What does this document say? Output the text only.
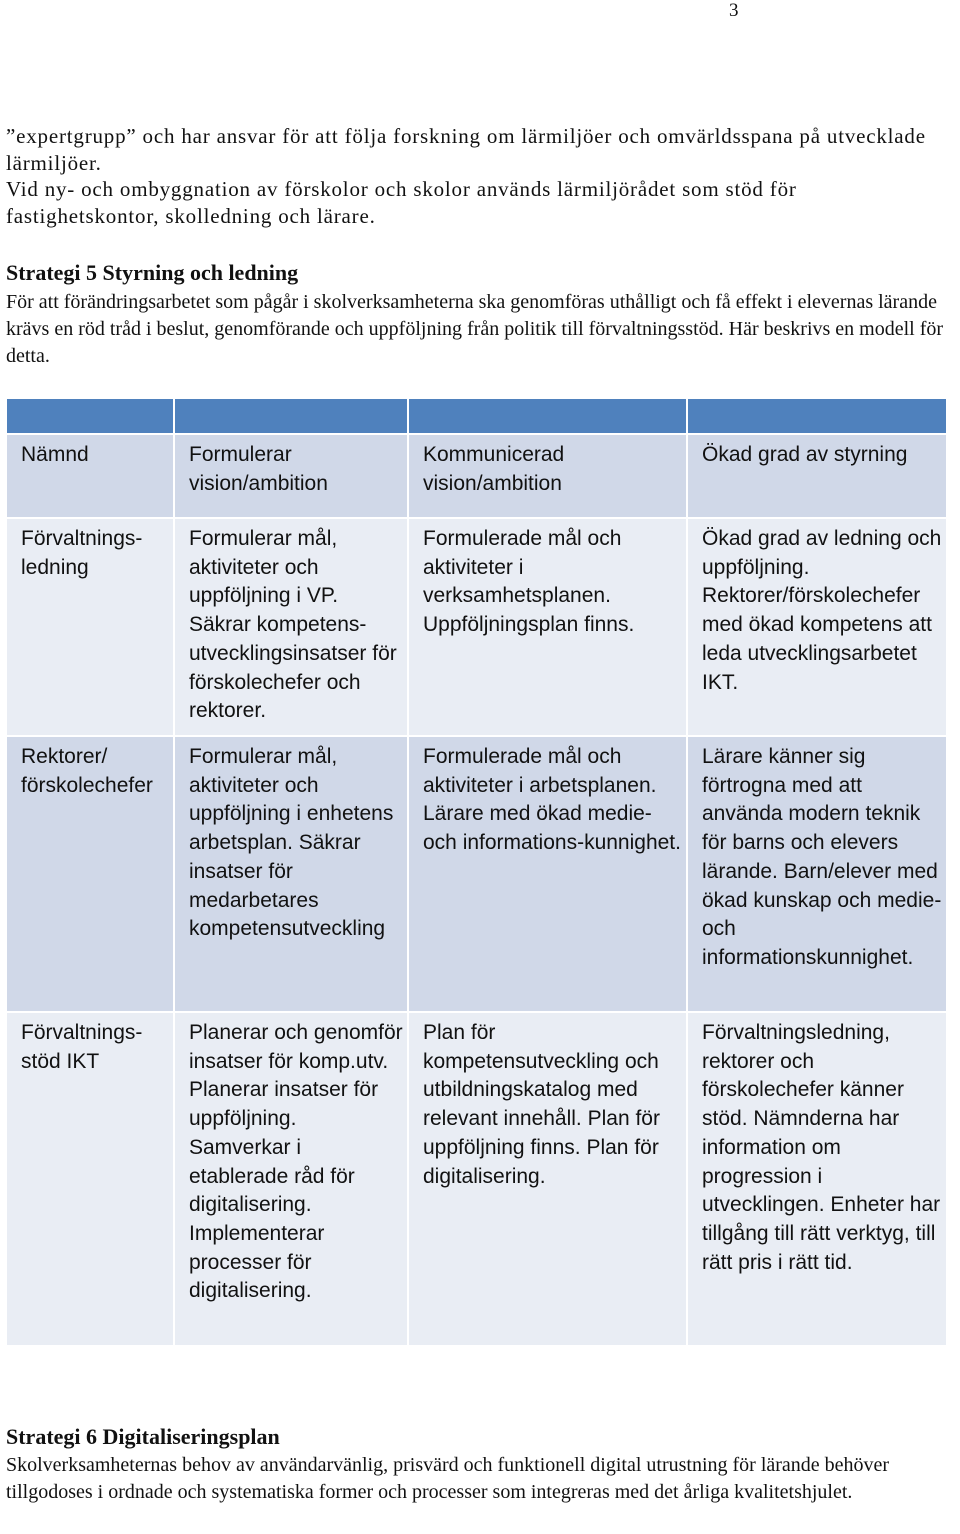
3

”expertgrupp” och har ansvar för att följa forskning om lärmiljöer och omvärldsspana på utvecklade lärmiljöer.

Vid ny- och ombyggnation av förskolor och skolor används lärmiljörådet som stöd för fastighetskontor, skolledning och lärare.

Strategi 5 Styrning och ledning
För att förändringsarbetet som pågår i skolverksamheterna ska genomföras uthålligt och få effekt i elevernas lärande krävs en röd tråd i beslut, genomförande och uppföljning från politik till förvaltningsstöd. Här beskrivs en modell för detta.

Nämnd	Formulerar vision/ambition	Kommunicerad vision/ambition	Ökad grad av styrning
Förvaltnings-ledning	Formulerar mål, aktiviteter och uppföljning i VP. Säkrar kompetens-utvecklingsinsatser för förskolechefer och rektorer.	Formulerade mål och aktiviteter i verksamhetsplanen. Uppföljningsplan finns.	Ökad grad av ledning och uppföljning. Rektorer/förskolechefer med ökad kompetens att leda utvecklingsarbetet IKT.
Rektorer/ förskolechefer	Formulerar mål, aktiviteter och uppföljning i enhetens arbetsplan. Säkrar insatser för medarbetares kompetensutveckling	Formulerade mål och aktiviteter i arbetsplanen. Lärare med ökad medie- och informations-kunnighet.	Lärare känner sig förtrogna med att använda modern teknik för barns och elevers lärande. Barn/elever med ökad kunskap och medie- och informationskunnighet.
Förvaltnings-stöd IKT	Planerar och genomför insatser för komp.utv. Planerar insatser för uppföljning. Samverkar i etablerade råd för digitalisering. Implementerar processer för digitalisering.	Plan för kompetensutveckling och utbildningskatalog med relevant innehåll. Plan för uppföljning finns. Plan för digitalisering.	Förvaltningsledning, rektorer och förskolechefer känner stöd. Nämnderna har information om progression i utvecklingen. Enheter har tillgång till rätt verktyg, till rätt pris i rätt tid.
Strategi 6 Digitaliseringsplan
Skolverksamheternas behov av användarvänlig, prisvärd och funktionell digital utrustning för lärande behöver tillgodoses i ordnade och systematiska former och processer som integreras med det årliga kvalitetshjulet.
